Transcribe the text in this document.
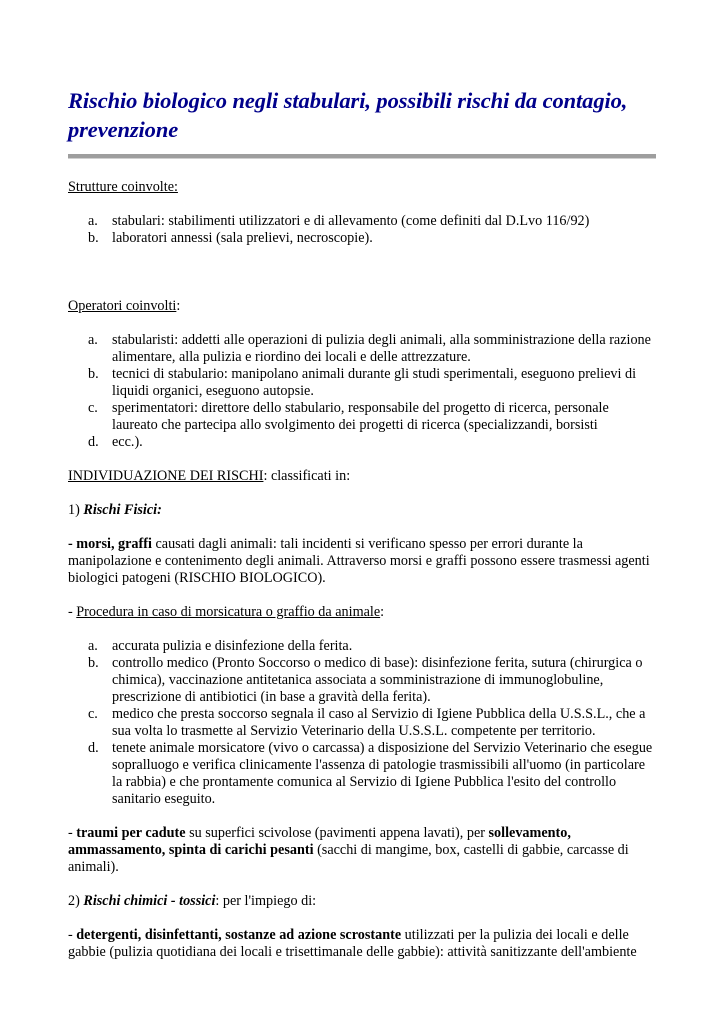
Rischio biologico negli stabulari, possibili rischi da contagio, prevenzione

Strutture coinvolte:

a. stabulari: stabilimenti utilizzatori e di allevamento (come definiti dal D.Lvo 116/92)
b. laboratori annessi (sala prelievi, necroscopie).

Operatori coinvolti:

a. stabularisti: addetti alle operazioni di pulizia degli animali, alla somministrazione della razione alimentare, alla pulizia e riordino dei locali e delle attrezzature.
b. tecnici di stabulario: manipolano animali durante gli studi sperimentali, eseguono prelievi di liquidi organici, eseguono autopsie.
c. sperimentatori: direttore dello stabulario, responsabile del progetto di ricerca, personale laureato che partecipa allo svolgimento dei progetti di ricerca (specializzandi, borsisti
d. ecc.).

INDIVIDUAZIONE DEI RISCHI: classificati in:

1) Rischi Fisici:

- morsi, graffi causati dagli animali: tali incidenti si verificano spesso per errori durante la manipolazione e contenimento degli animali. Attraverso morsi e graffi possono essere trasmessi agenti biologici patogeni (RISCHIO BIOLOGICO).

- Procedura in caso di morsicatura o graffio da animale:

a. accurata pulizia e disinfezione della ferita.
b. controllo medico (Pronto Soccorso o medico di base): disinfezione ferita, sutura (chirurgica o chimica), vaccinazione antitetanica associata a somministrazione di immunoglobuline, prescrizione di antibiotici (in base a gravità della ferita).
c. medico che presta soccorso segnala il caso al Servizio di Igiene Pubblica della U.S.S.L., che a sua volta lo trasmette al Servizio Veterinario della U.S.S.L. competente per territorio.
d. tenete animale morsicatore (vivo o carcassa) a disposizione del Servizio Veterinario che esegue sopralluogo e verifica clinicamente l'assenza di patologie trasmissibili all'uomo (in particolare la rabbia) e che prontamente comunica al Servizio di Igiene Pubblica l'esito del controllo sanitario eseguito.

- traumi per cadute su superfici scivolose (pavimenti appena lavati), per sollevamento, ammassamento, spinta di carichi pesanti (sacchi di mangime, box, castelli di gabbie, carcasse di animali).

2) Rischi chimici - tossici: per l'impiego di:

- detergenti, disinfettanti, sostanze ad azione scrostante utilizzati per la pulizia dei locali e delle gabbie (pulizia quotidiana dei locali e trisettimanale delle gabbie): attività sanitizzante dell'ambiente
